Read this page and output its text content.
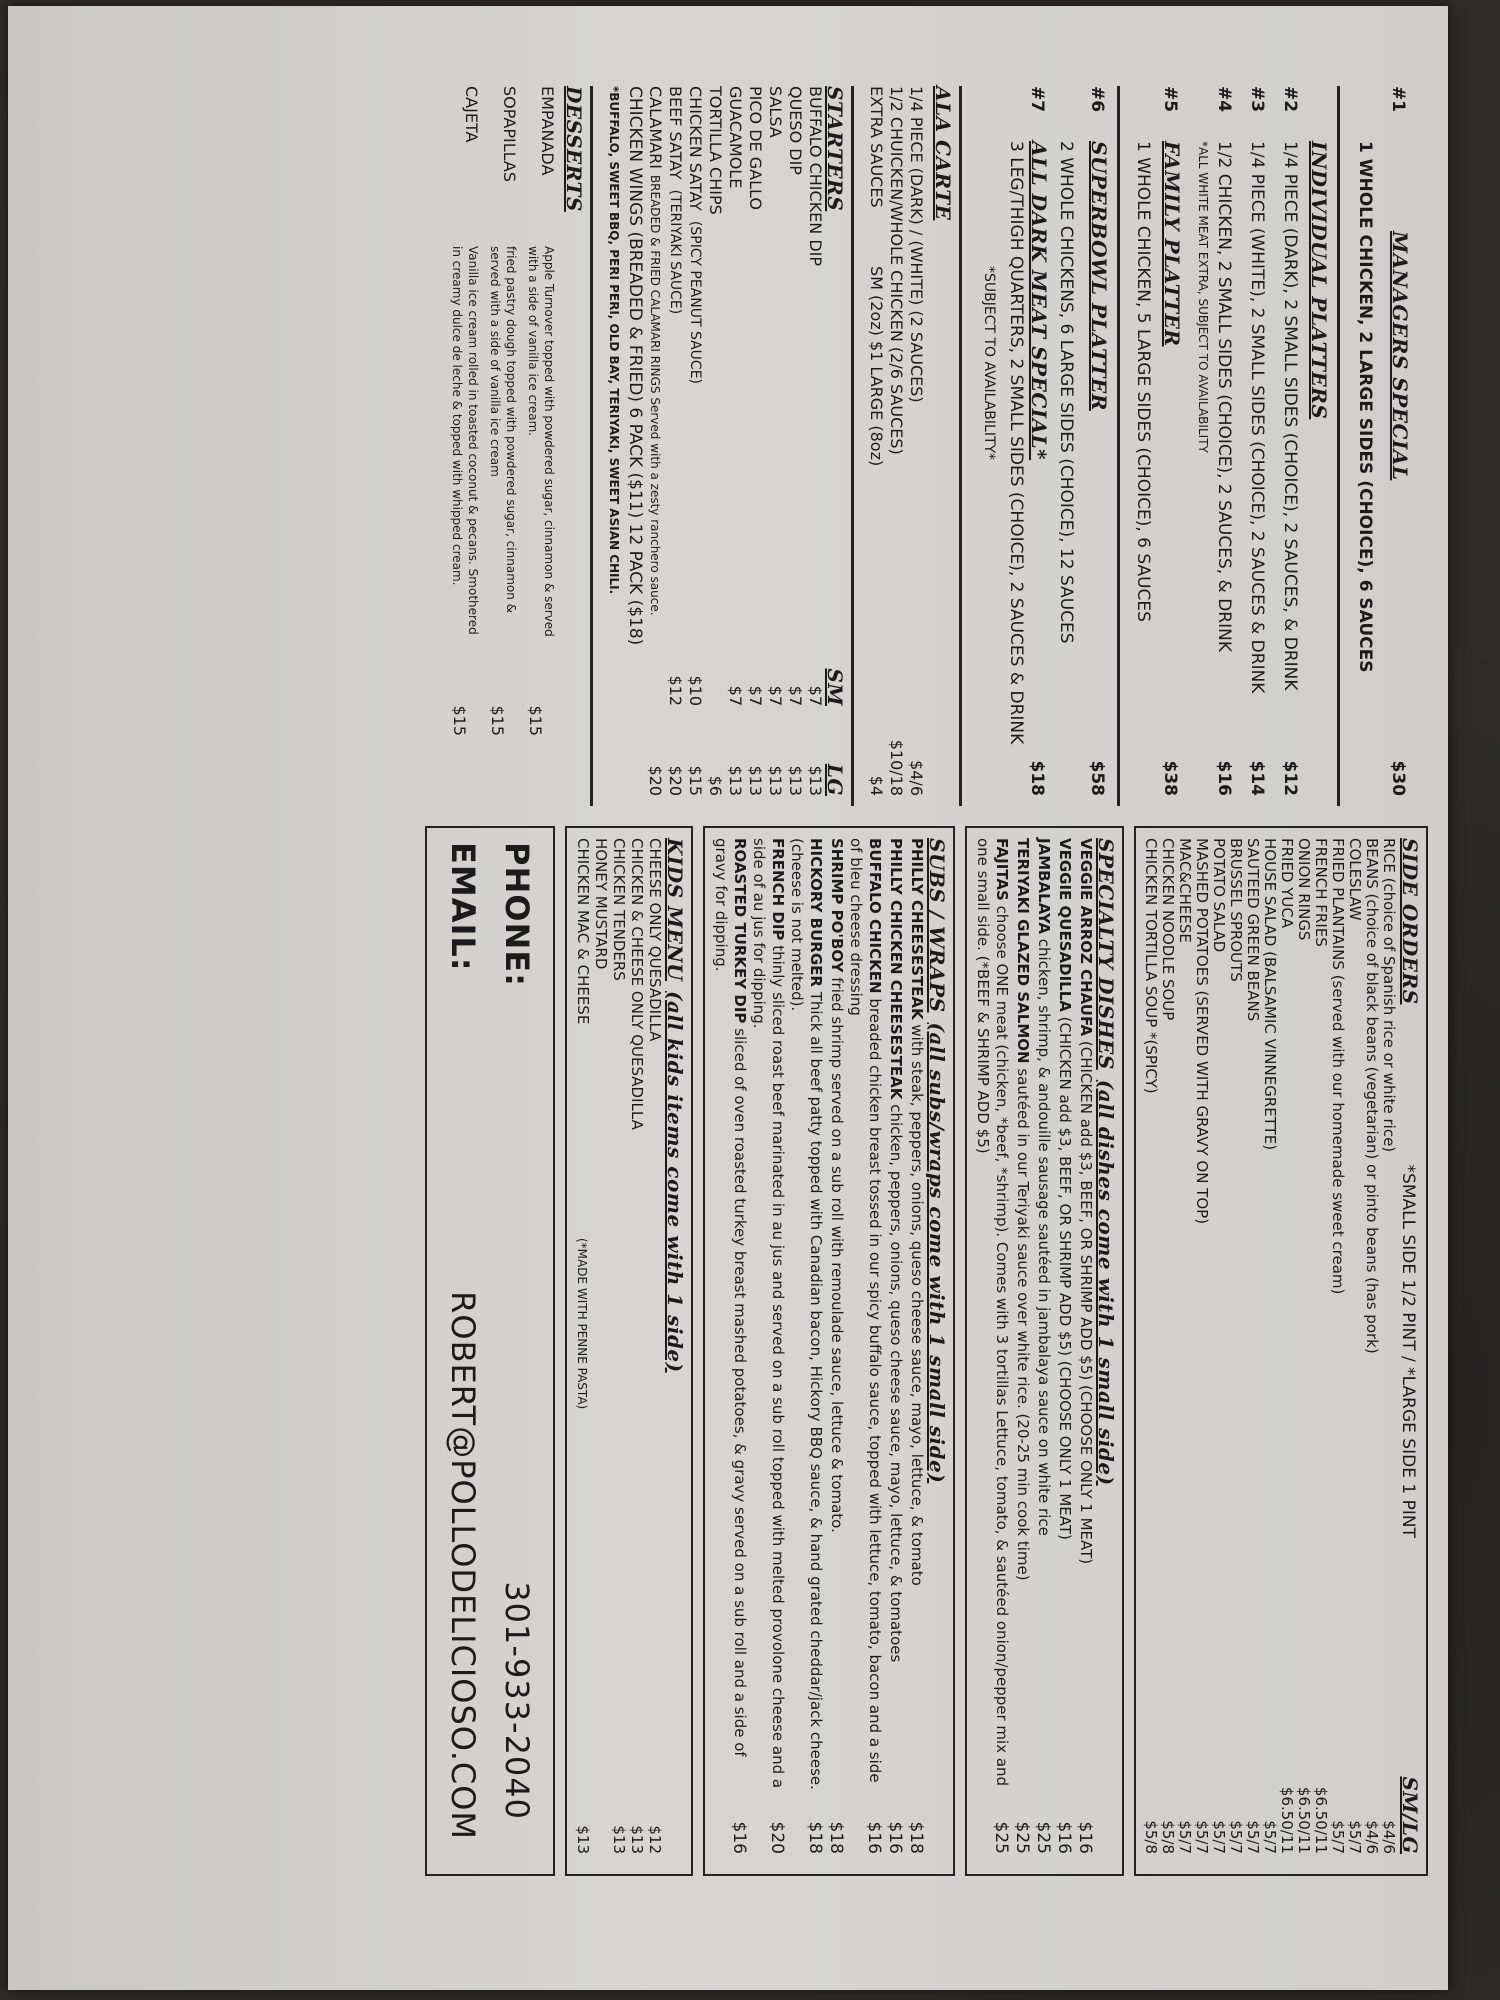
#1
MANAGERS SPECIAL
$30
1 WHOLE CHICKEN, 2 LARGE SIDES (CHOICE), 6 SAUCES
INDIVIDUAL PLATTERS
#2
1/4 PIECE (DARK), 2 SMALL SIDES (CHOICE), 2 SAUCES, & DRINK
$12
#3
1/4 PIECE (WHITE), 2 SMALL SIDES (CHOICE), 2 SAUCES & DRINK
$14
#4
1/2 CHICKEN, 2 SMALL SIDES (CHOICE), 2 SAUCES, & DRINK
$16
*ALL WHITE MEAT EXTRA, SUBJECT TO AVAILABILITY
#5
FAMILY PLATTER
$38
1 WHOLE CHICKEN, 5 LARGE SIDES (CHOICE), 6 SAUCES
#6
SUPERBOWL PLATTER
$58
2 WHOLE CHICKENS, 6 LARGE SIDES (CHOICE), 12 SAUCES
#7
ALL DARK MEAT SPECIAL*
$18
3 LEG/THIGH QUARTERS, 2 SMALL SIDES (CHOICE), 2 SAUCES & DRINK
*SUBJECT TO AVAILABILITY*
ALA CARTE
1/4 PIECE (DARK) / (WHITE) (2 SAUCES)
$4/6
1/2 CHUICKEN/WHOLE CHICKEN (2/6 SAUCES)
$10/18
EXTRA SAUCES
SM (2oz) $1 LARGE (8oz)
$4
STARTERS
SM
LG
BUFFALO CHICKEN DIP
$7
$13
QUESO DIP
$7
$13
SALSA
$7
$13
PICO DE GALLO
$7
$13
GUACAMOLE
$7
$13
TORTILLA CHIPS
$6
CHICKEN SATAY
(SPICY PEANUT SAUCE)
$10
$15
BEEF SATAY
(TERIYAKI SAUCE)
$12
$20
CALAMARI
BREADED & FRIED CALAMARI RINGS Served with a zesty ranchero sauce.
$20
CHICKEN WINGS (BREADED & FRIED) 6 PACK ($11) 12 PACK ($18)
*BUFFALO, SWEET BBQ, PERI PERI, OLD BAY, TERIYAKI, SWEET ASIAN CHILI.
DESSERTS
EMPANADA
Apple Turnover topped with powdered sugar, cinnamon & served with a side of vanilla ice cream.
$15
SOPAPILLAS
fried pastry dough topped with powdered sugar, cinnamon & served with a side of vanilla ice cream
$15
CAJETA
Vanilla ice cream rolled in toasted coconut & pecans. Smothered in creamy dulce de leche & topped with whipped cream.
$15
SIDE ORDERS
*SMALL SIDE 1/2 PINT / *LARGE SIDE 1 PINT
SM/LG
RICE (choice of Spanish rice or white rice)
$4/6
BEANS (choice of black beans (vegetarian) or pinto beans (has pork)
$4/6
COLESLAW
$5/7
FRIED PLANTAINS (served with our homemade sweet cream)
$5/7
FRENCH FRIES
$6.50/11
ONION RINGS
$6.50/11
FRIED YUCA
$6.50/11
HOUSE SALAD (BALSAMIC VINNEGRETTE)
$5/7
SAUTEED GREEN BEANS
$5/7
BRUSSEL SPROUTS
$5/7
POTATO SALAD
$5/7
MASHED POTATOES (SERVED WITH GRAVY ON TOP)
$5/7
MAC&CHEESE
$5/7
CHICKEN NOODLE SOUP
$5/8
CHICKEN TORTILLA SOUP *(SPICY)
$5/8
SPECIALTY DISHES
(all dishes come with 1 small side)
VEGGIE ARROZ CHAUFA (CHICKEN add $3, BEEF, OR SHRIMP ADD $5) (CHOOSE ONLY 1 MEAT)
$16
VEGGIE QUESADILLA (CHICKEN add $3, BEEF, OR SHRIMP ADD $5) (CHOOSE ONLY 1 MEAT)
$16
JAMBALAYA chicken, shrimp, & andouille sausage sautéed in jambalaya sauce on white rice
$25
TERIYAKI GLAZED SALMON sautéed in our Teriyaki sauce over white rice. (20-25 min cook time)
$25
FAJITAS choose ONE meat (chicken, *beef, *shrimp). Comes with 3 tortillas Lettuce, tomato, & sautéed onion/pepper mix and one small side. (*BEEF & SHRIMP ADD $5)
$25
SUBS / WRAPS
(all subs/wraps come with 1 small side)
PHILLY CHEESESTEAK with steak, peppers, onions, queso cheese sauce, mayo, lettuce, & tomato
$18
PHILLY CHICKEN CHEESESTEAK chicken, peppers, onions, queso cheese sauce, mayo, lettuce, & tomatoes
$16
BUFFALO CHICKEN breaded chicken breast tossed in our spicy buffalo sauce, topped with lettuce, tomato, bacon and a side of bleu cheese dressing
$16
SHRIMP PO'BOY fried shrimp served on a sub roll with remoulade sauce, lettuce & tomato.
$18
HICKORY BURGER Thick all beef patty topped with Canadian bacon, Hickory BBQ sauce, & hand grated cheddar/jack cheese. (cheese is not melted).
$18
FRENCH DIP thinly sliced roast beef marinated in au jus and served on a sub roll topped with melted provolone cheese and a side of au jus for dipping.
$20
ROASTED TURKEY DIP sliced of oven roasted turkey breast mashed potatoes, & gravy served on a sub roll and a side of gravy for dipping.
$16
KIDS MENU
(all kids items come with 1 side)
CHEESE ONLY QUESADILLA
$12
CHICKEN & CHEESE ONLY QUESADILLA
$13
CHICKEN TENDERS
$13
HONEY MUSTARD
CHICKEN MAC & CHEESE
(*MADE WITH PENNE PASTA)
$13
PHONE:
301-933-2040
EMAIL:
ROBERT@POLLODELICIOSO.COM
